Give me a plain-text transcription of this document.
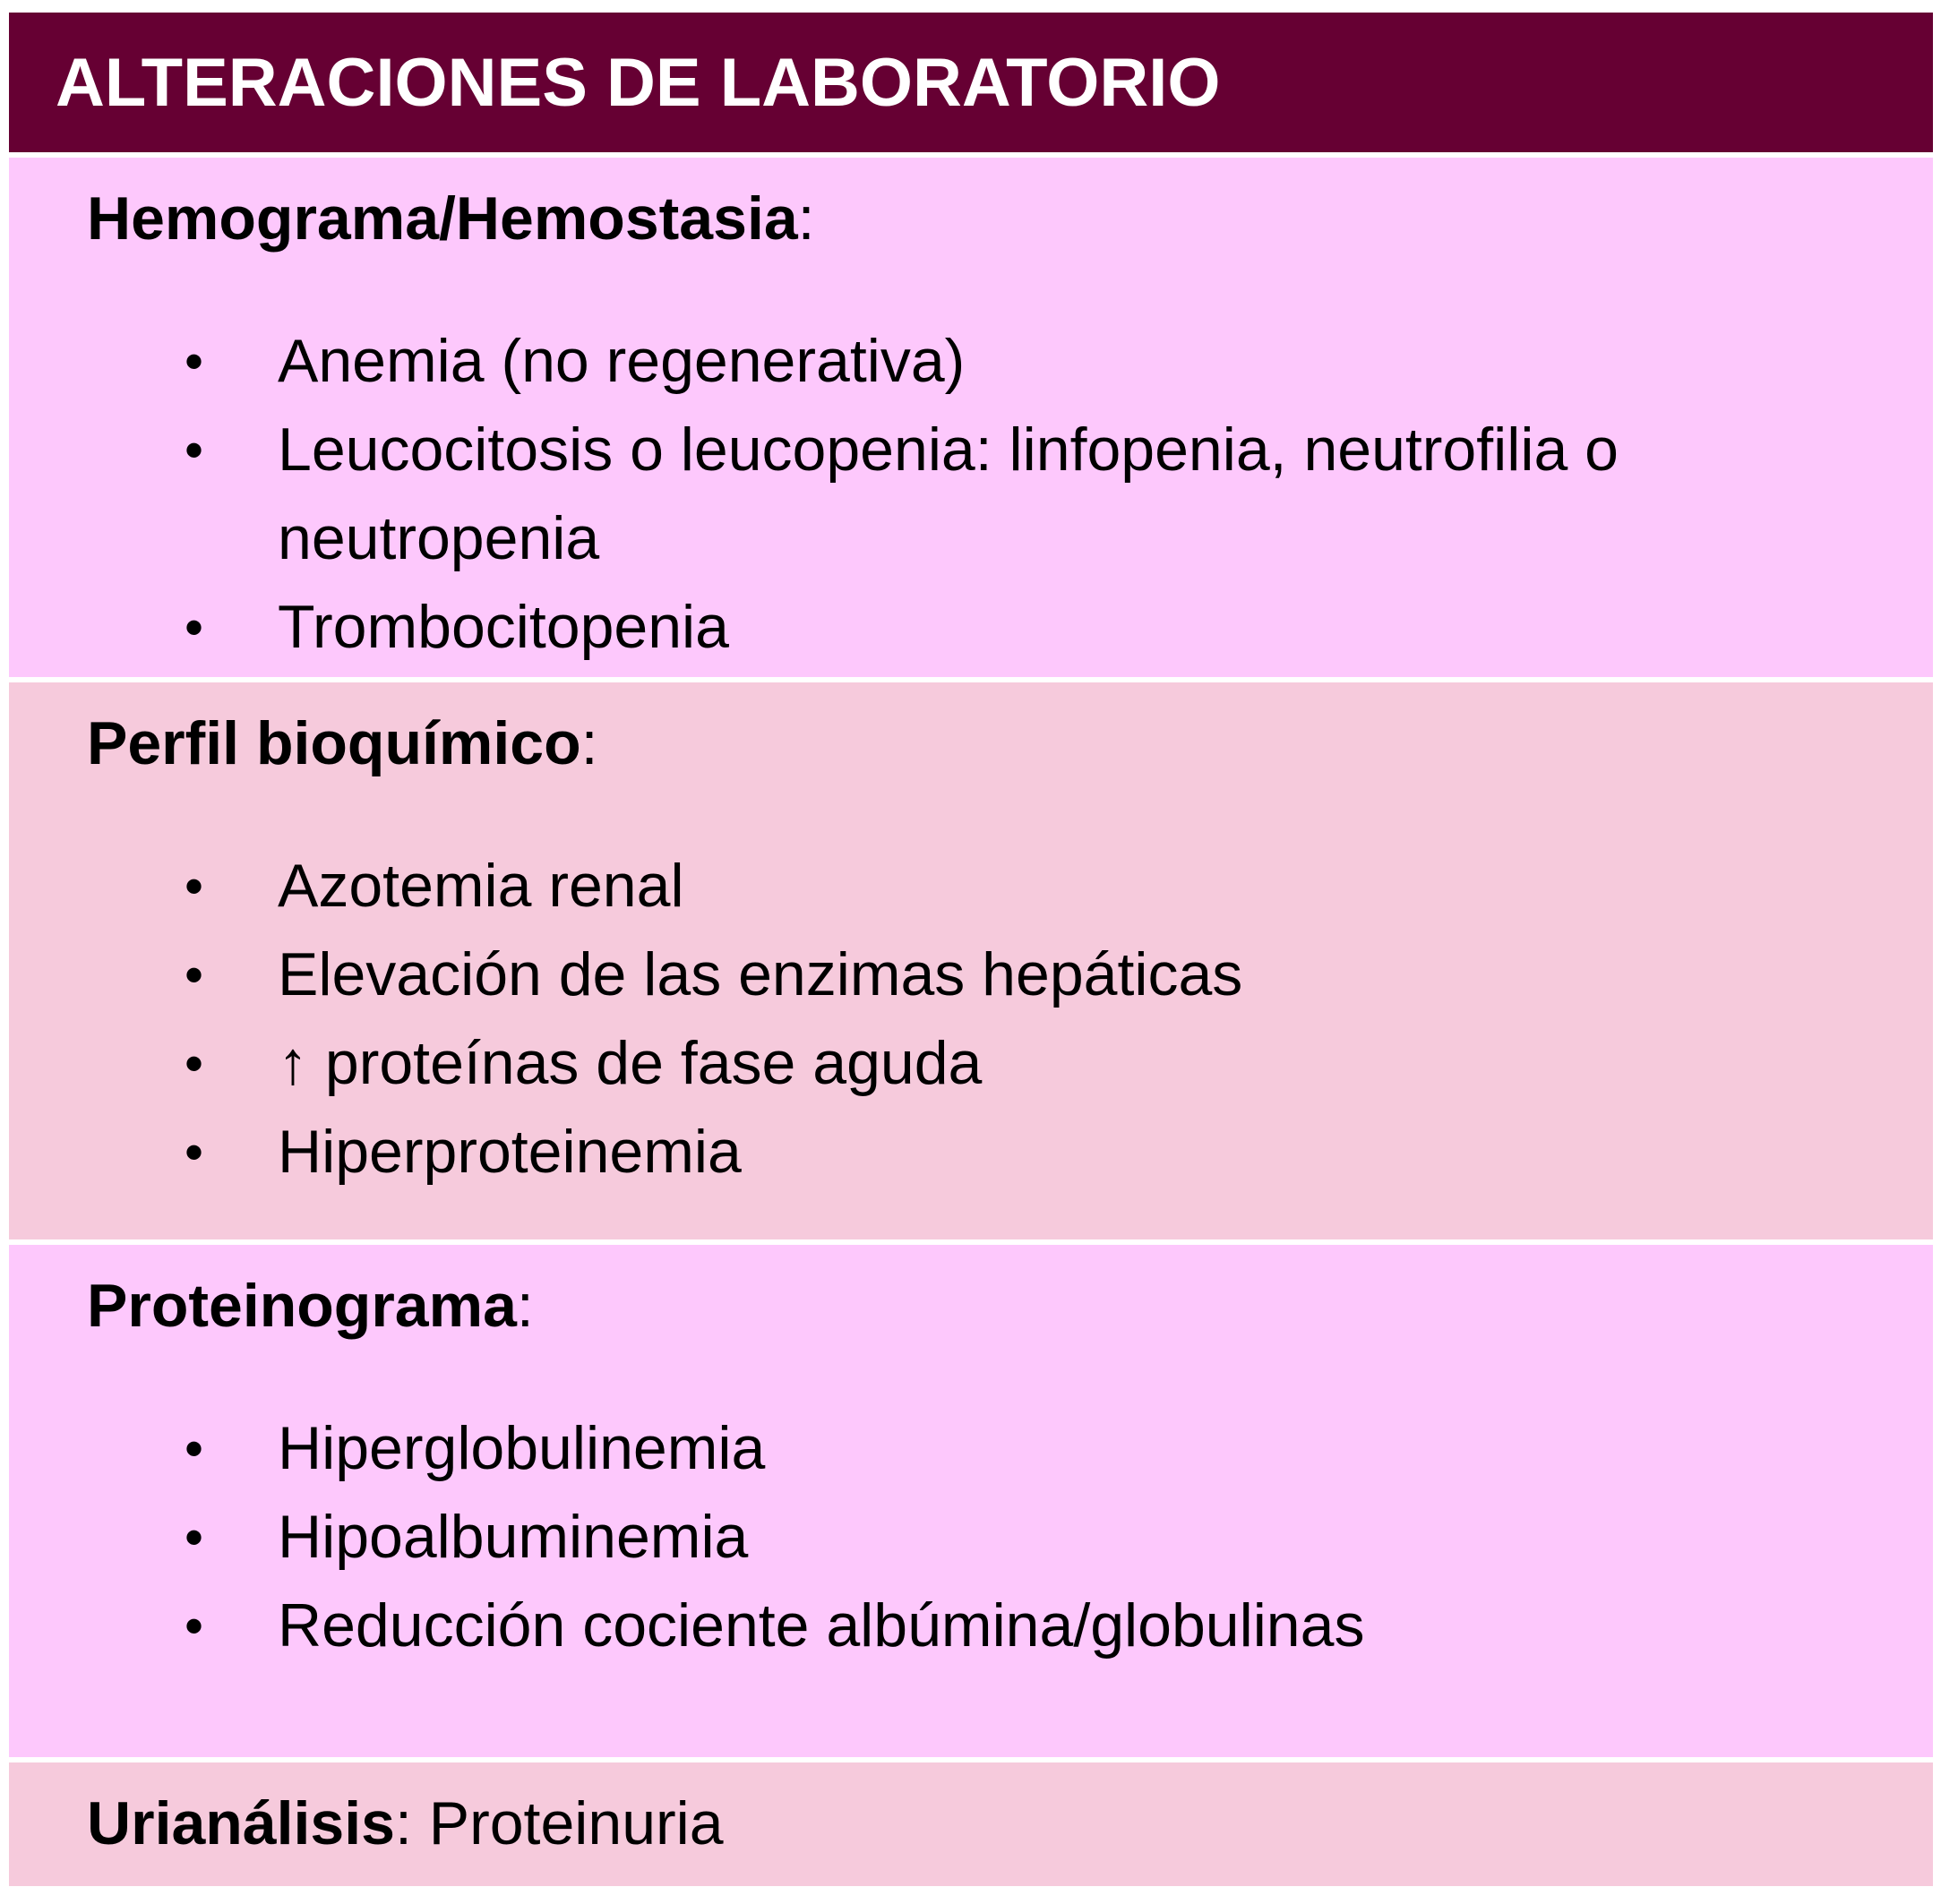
ALTERACIONES DE LABORATORIO
Hemograma/Hemostasia:
• Anemia (no regenerativa)
• Leucocitosis o leucopenia: linfopenia, neutrofilia o neutropenia
• Trombocitopenia
Perfil bioquímico:
• Azotemia renal
• Elevación de las enzimas hepáticas
• ↑ proteínas de fase aguda
• Hiperproteinemia
Proteinograma:
• Hiperglobulinemia
• Hipoalbuminemia
• Reducción cociente albúmina/globulinas
Urianálisis: Proteinuria
